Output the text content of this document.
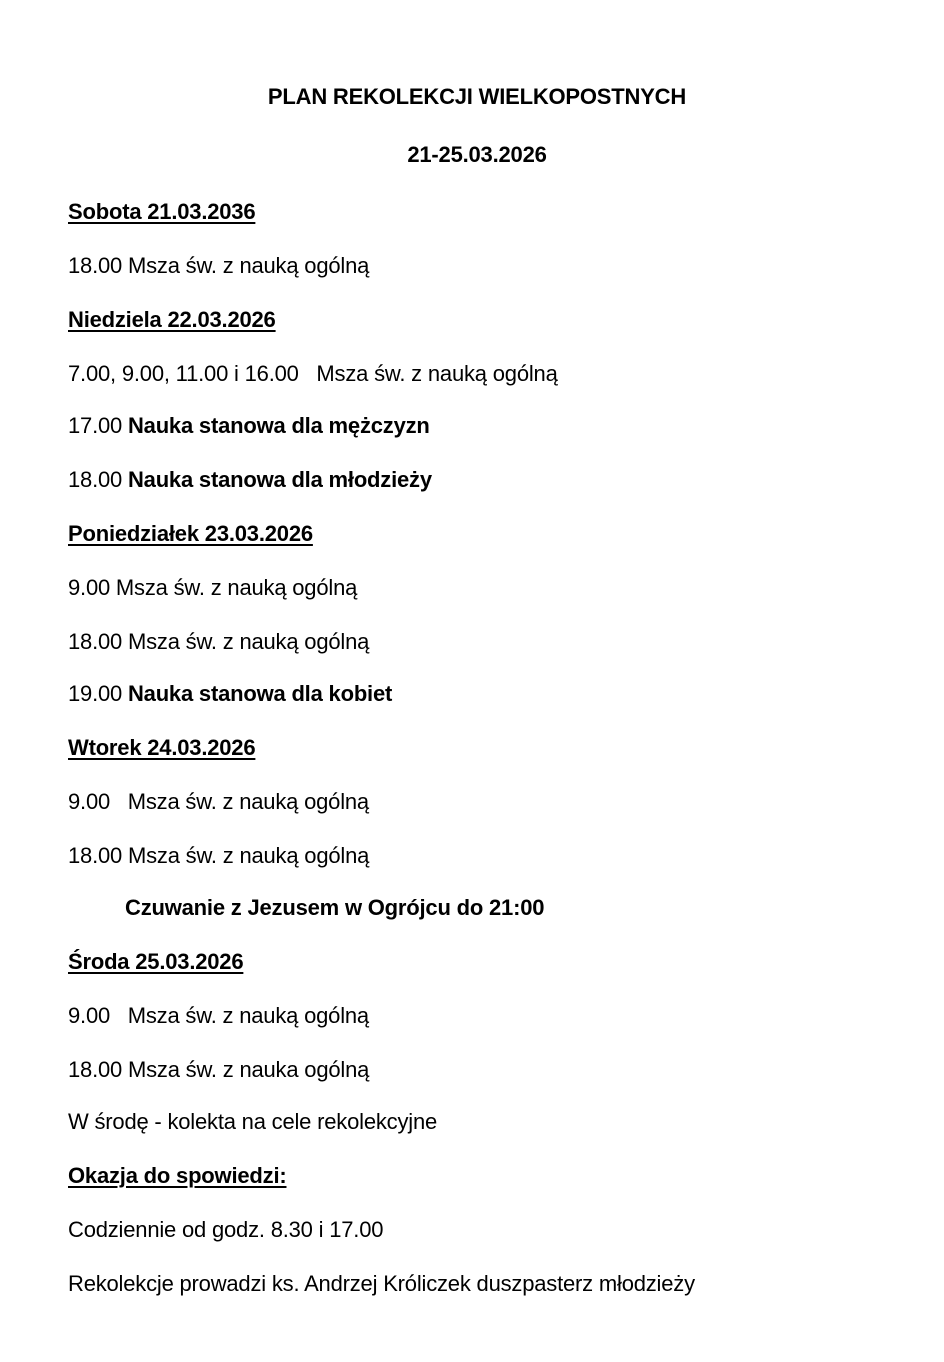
PLAN REKOLEKCJI WIELKOPOSTNYCH
21-25.03.2026
Sobota 21.03.2036
18.00 Msza św. z nauką ogólną
Niedziela 22.03.2026
7.00, 9.00, 11.00 i 16.00   Msza św. z nauką ogólną
17.00 Nauka stanowa dla mężczyzn
18.00 Nauka stanowa dla młodzieży
Poniedziałek 23.03.2026
9.00 Msza św. z nauką ogólną
18.00 Msza św. z nauką ogólną
19.00 Nauka stanowa dla kobiet
Wtorek 24.03.2026
9.00   Msza św. z nauką ogólną
18.00 Msza św. z nauką ogólną
Czuwanie z Jezusem w Ogrójcu do 21:00
Środa 25.03.2026
9.00   Msza św. z nauką ogólną
18.00 Msza św. z nauka ogólną
W środę - kolekta na cele rekolekcyjne
Okazja do spowiedzi:
Codziennie od godz. 8.30 i 17.00
Rekolekcje prowadzi ks. Andrzej Króliczek duszpasterz młodzieży
